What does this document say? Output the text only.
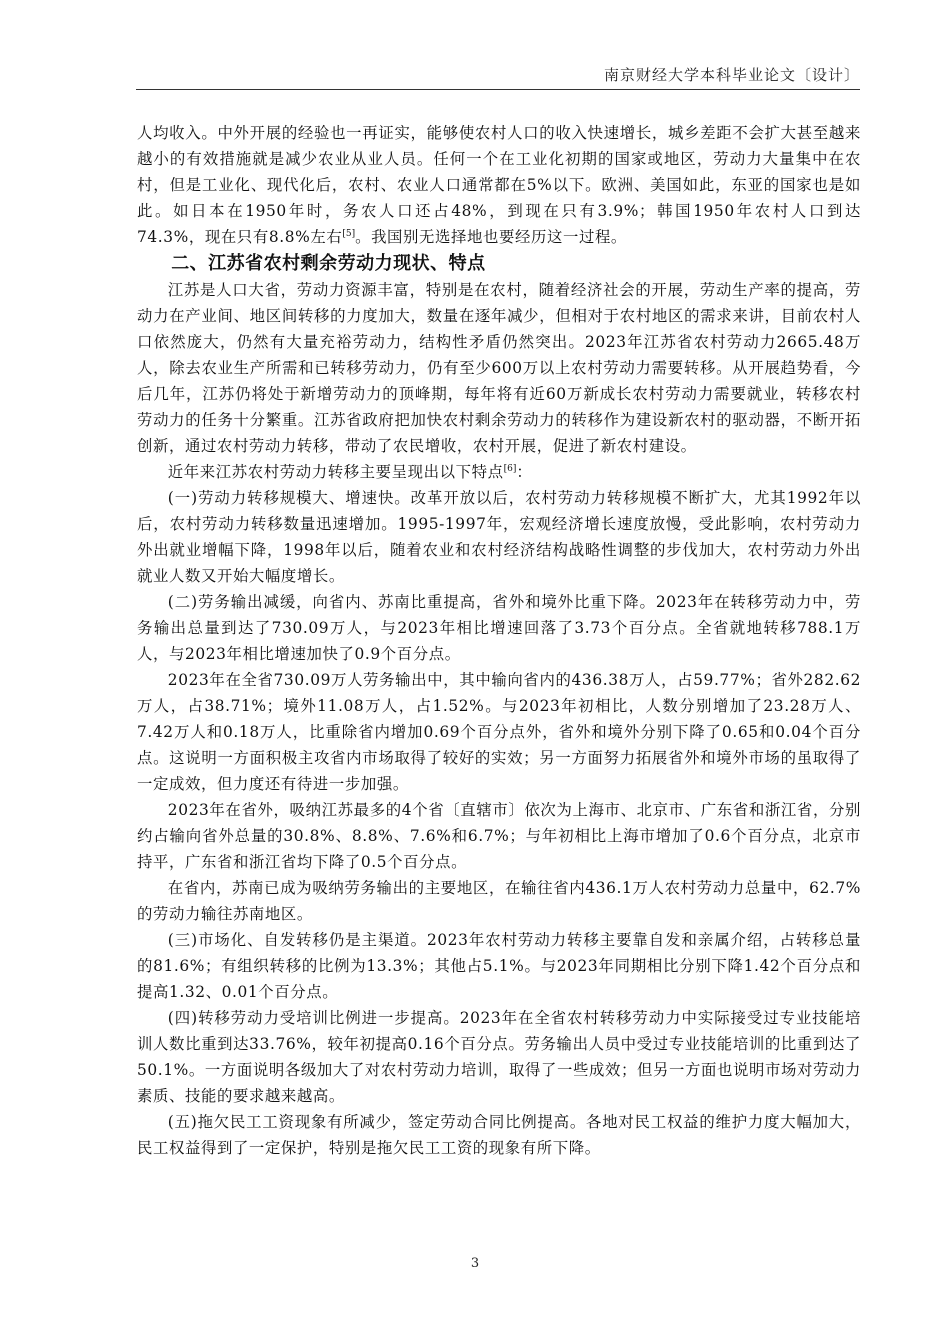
南京财经大学本科毕业论文〔设计〕

人均收入。中外开展的经验也一再证实，能够使农村人口的收入快速增长，城乡差距不会扩大甚至越来越小的有效措施就是减少农业从业人员。任何一个在工业化初期的国家或地区，劳动力大量集中在农村，但是工业化、现代化后，农村、农业人口通常都在5%以下。欧洲、美国如此，东亚的国家也是如此。如日本在1950年时，务农人口还占48%，到现在只有3.9%；韩国1950年农村人口到达74.3%，现在只有8.8%左右[5]。我国别无选择地也要经历这一过程。

二、江苏省农村剩余劳动力现状、特点

江苏是人口大省，劳动力资源丰富，特别是在农村，随着经济社会的开展，劳动生产率的提高，劳动力在产业间、地区间转移的力度加大，数量在逐年减少，但相对于农村地区的需求来讲，目前农村人口依然庞大，仍然有大量充裕劳动力，结构性矛盾仍然突出。2023年江苏省农村劳动力2665.48万人，除去农业生产所需和已转移劳动力，仍有至少600万以上农村劳动力需要转移。从开展趋势看，今后几年，江苏仍将处于新增劳动力的顶峰期，每年将有近60万新成长农村劳动力需要就业，转移农村劳动力的任务十分繁重。江苏省政府把加快农村剩余劳动力的转移作为建设新农村的驱动器，不断开拓创新，通过农村劳动力转移，带动了农民增收，农村开展，促进了新农村建设。

近年来江苏农村劳动力转移主要呈现出以下特点[6]：

(一)劳动力转移规模大、增速快。改革开放以后，农村劳动力转移规模不断扩大，尤其1992年以后，农村劳动力转移数量迅速增加。1995-1997年，宏观经济增长速度放慢，受此影响，农村劳动力外出就业增幅下降，1998年以后，随着农业和农村经济结构战略性调整的步伐加大，农村劳动力外出就业人数又开始大幅度增长。

(二)劳务输出减缓，向省内、苏南比重提高，省外和境外比重下降。2023年在转移劳动力中，劳务输出总量到达了730.09万人，与2023年相比增速回落了3.73个百分点。全省就地转移788.1万人，与2023年相比增速加快了0.9个百分点。

2023年在全省730.09万人劳务输出中，其中输向省内的436.38万人，占59.77%；省外282.62万人，占38.71%；境外11.08万人，占1.52%。与2023年初相比，人数分别增加了23.28万人、7.42万人和0.18万人，比重除省内增加0.69个百分点外，省外和境外分别下降了0.65和0.04个百分点。这说明一方面积极主攻省内市场取得了较好的实效；另一方面努力拓展省外和境外市场的虽取得了一定成效，但力度还有待进一步加强。

2023年在省外，吸纳江苏最多的4个省〔直辖市〕依次为上海市、北京市、广东省和浙江省，分别约占输向省外总量的30.8%、8.8%、7.6%和6.7%；与年初相比上海市增加了0.6个百分点，北京市持平，广东省和浙江省均下降了0.5个百分点。

在省内，苏南已成为吸纳劳务输出的主要地区，在输往省内436.1万人农村劳动力总量中，62.7%的劳动力输往苏南地区。

(三)市场化、自发转移仍是主渠道。2023年农村劳动力转移主要靠自发和亲属介绍，占转移总量的81.6%；有组织转移的比例为13.3%；其他占5.1%。与2023年同期相比分别下降1.42个百分点和提高1.32、0.01个百分点。

(四)转移劳动力受培训比例进一步提高。2023年在全省农村转移劳动力中实际接受过专业技能培训人数比重到达33.76%，较年初提高0.16个百分点。劳务输出人员中受过专业技能培训的比重到达了50.1%。一方面说明各级加大了对农村劳动力培训，取得了一些成效；但另一方面也说明市场对劳动力素质、技能的要求越来越高。

(五)拖欠民工工资现象有所减少，签定劳动合同比例提高。各地对民工权益的维护力度大幅加大，民工权益得到了一定保护，特别是拖欠民工工资的现象有所下降。

3
